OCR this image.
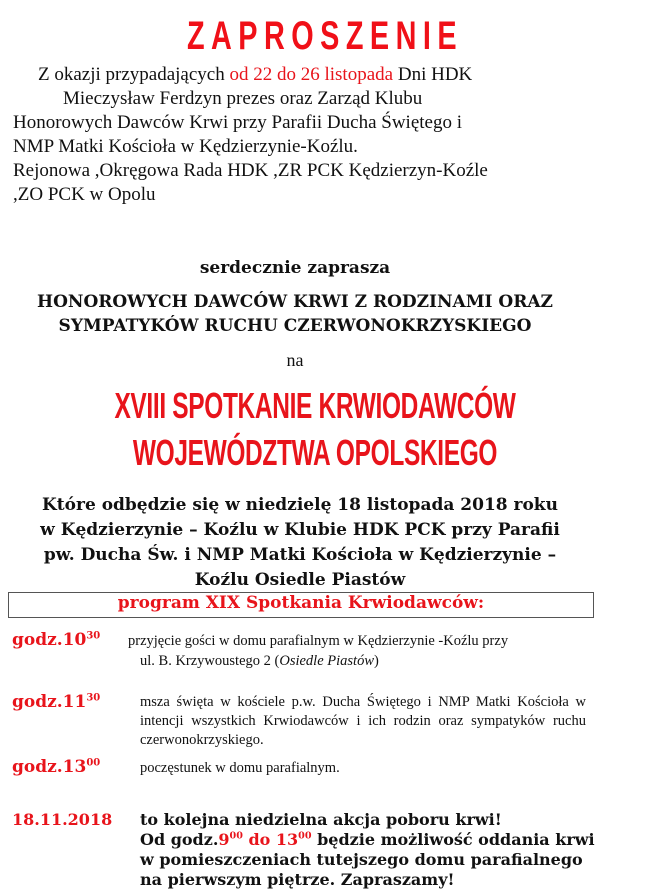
ZAPROSZENIE
Z okazji przypadających od 22 do 26 listopada Dni HDK
Mieczysław Ferdzyn prezes oraz Zarząd Klubu
Honorowych Dawców Krwi przy Parafii Ducha Świętego i
NMP Matki Kościoła w Kędzierzynie-Koźlu.
Rejonowa ,Okręgowa Rada HDK ,ZR PCK Kędzierzyn-Koźle
,ZO PCK w Opolu
serdecznie zaprasza
HONOROWYCH DAWCÓW KRWI Z RODZINAMI ORAZ
SYMPATYKÓW RUCHU CZERWONOKRZYSKIEGO
na
XVIII SPOTKANIE KRWIODAWCÓW
WOJEWÓDZTWA OPOLSKIEGO
Które odbędzie się w niedzielę 18 listopada 2018 roku
w Kędzierzynie – Koźlu w Klubie HDK PCK przy Parafii
pw. Ducha Św. i NMP Matki Kościoła w Kędzierzynie –
Koźlu Osiedle Piastów
program XIX Spotkania Krwiodawców:
$godz.10^{30}$ przyjęcie gości w domu parafialnym w Kędzierzynie -Koźlu przy
ul. B. Krzywoustego 2 (Osiedle Piastów)
$godz.11^{30}$	msza święta w kościele p.w. Ducha Świętego i NMP Matki Kościoła w intencji wszystkich Krwiodawców i ich rodzin oraz sympatyków ruchu czerwonokrzyskiego.
$godz.13^{00}$	poczęstunek w domu parafialnym.
18.11.2018 to kolejna niedzielna akcja poboru krwi!
Od $godz.9^{00}$ do $13^{00}$ będzie możliwość oddania krwi
w pomieszczeniach tutejszego domu parafialnego
na pierwszym piętrze. Zapraszamy!
